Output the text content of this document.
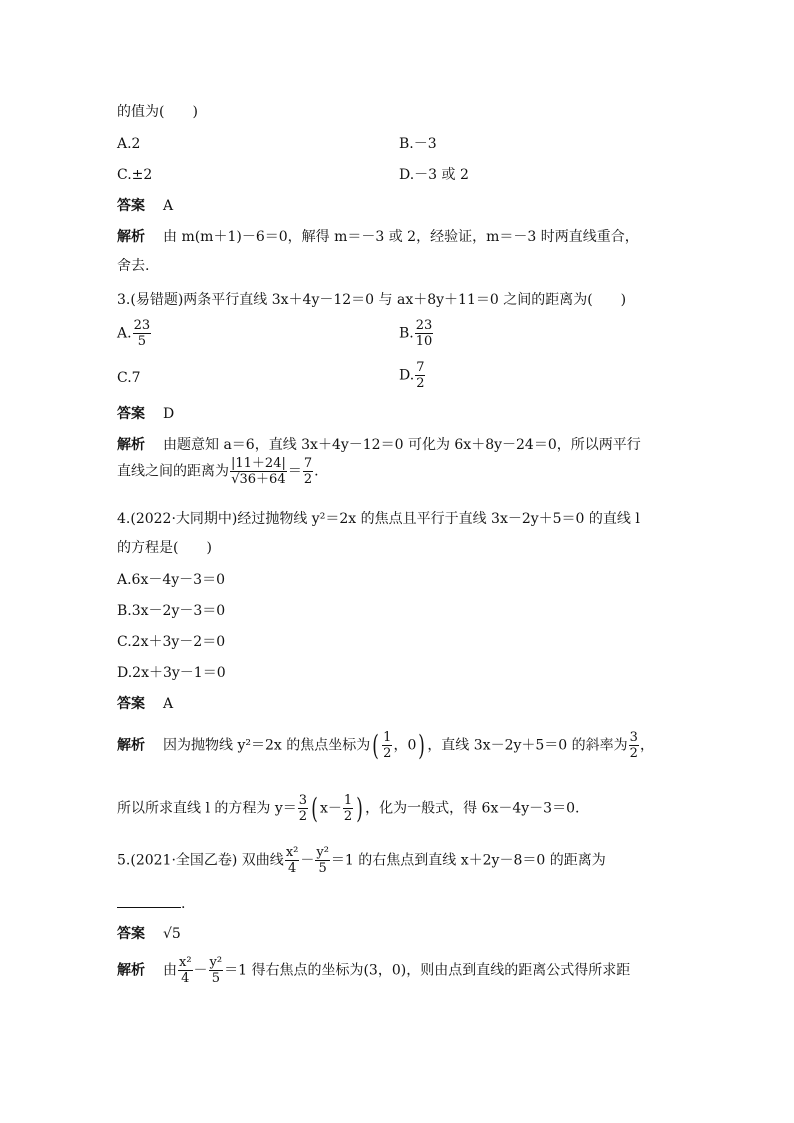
的值为(　　)
A.2	B.－3
C.±2	D.－3 或 2
答案 A
解析 由 m(m＋1)－6＝0，解得 m＝－3 或 2，经验证，m＝－3 时两直线重合，
舍去.
3.(易错题)两条平行直线 3x＋4y－12＝0 与 ax＋8y＋11＝0 之间的距离为(　　)
A. $\frac{23}{5}$	B. $\frac{23}{10}$
C.7	D. $\frac{7}{2}$
答案 D
解析 由题意知 a＝6，直线 3x＋4y－12＝0 可化为 6x＋8y－24＝0，所以两平行
直线之间的距离为 $\frac{|11+24|}{√36+64} = \frac{7}{2}$ .
4.(2022·大同期中)经过抛物线 y²＝2x 的焦点且平行于直线 3x－2y＋5＝0 的直线 l
的方程是(　　)
A.6x－4y－3＝0
B.3x－2y－3＝0
C.2x＋3y－2＝0
D.2x＋3y－1＝0
答案 A
解析 因为抛物线 y²＝2x 的焦点坐标为( $\frac{1}{2}$ ，0) ，直线 3x－2y＋5＝0 的斜率为 $\frac{3}{2}$ ，
所以所求直线 l 的方程为 $y= \frac{3}{2}$ ( $x- \frac{1}{2}$ ) ，化为一般式，得 6x－4y－3＝0.
5.(2021·全国乙卷) 双曲线 $\frac{\text{x²}}{4} - \frac{\text{y²}}{5} =1$ 的右焦点到直线 x＋2y－8＝0 的距离为
.
答案 √5
解析 由 $\frac{\text{x²}}{4} - \frac{\text{y²}}{5} =1$ 得右焦点的坐标为(3，0)，则由点到直线的距离公式得所求距
